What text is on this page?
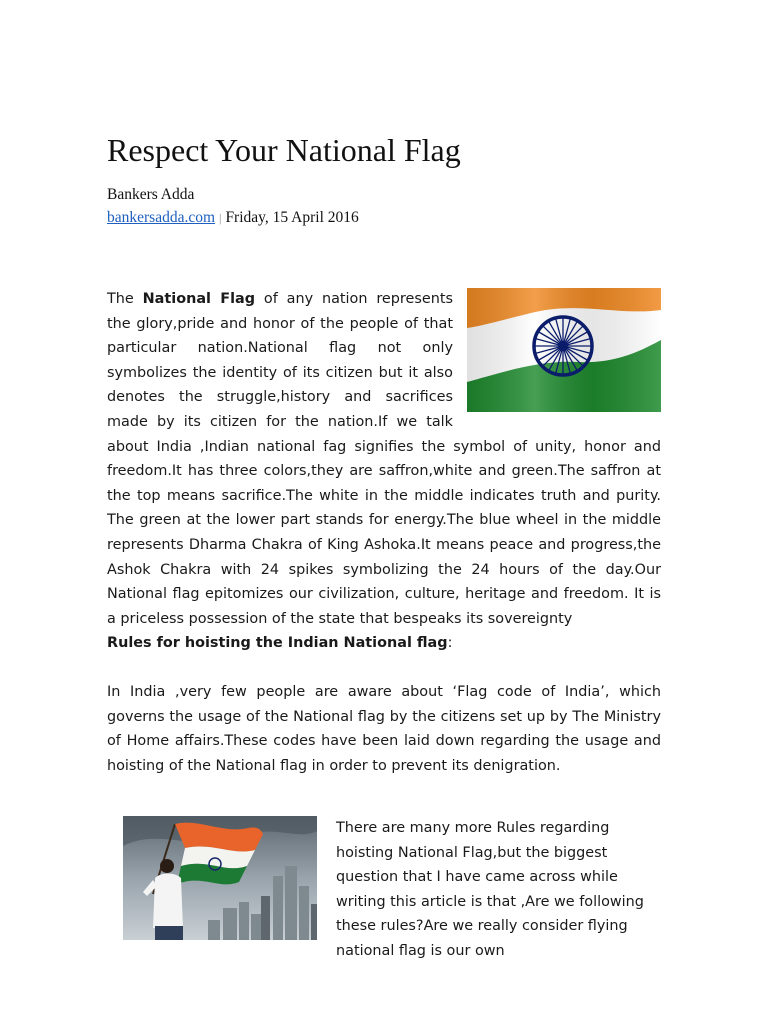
Respect Your National Flag
Bankers Adda
bankersadda.com | Friday, 15 April 2016

The National Flag of any nation represents the glory,pride and honor of the people of that particular nation.National flag not only symbolizes the identity of its citizen but it also denotes the struggle,history and sacrifices made by its citizen for the nation.If we talk about India ,Indian national fag signifies the symbol of unity, honor and freedom.It has three colors,they are saffron,white and green.The saffron at the top means sacrifice.The white in the middle indicates truth and purity. The green at the lower part stands for energy.The blue wheel in the middle represents Dharma Chakra of King Ashoka.It means peace and progress,the Ashok Chakra with 24 spikes symbolizing the 24 hours of the day.Our National flag epitomizes our civilization, culture, heritage and freedom. It is a priceless possession of the state that bespeaks its sovereignty

Rules for hoisting the Indian National flag:

In India ,very few people are aware about ‘Flag code of India’, which governs the usage of the National flag by the citizens set up by The Ministry of Home affairs.These codes have been laid down regarding the usage and hoisting of the National flag in order to prevent its denigration.

There are many more Rules regarding hoisting National Flag,but the biggest question that I have came across while writing this article is that ,Are we following these rules?Are we really consider flying national flag is our own
